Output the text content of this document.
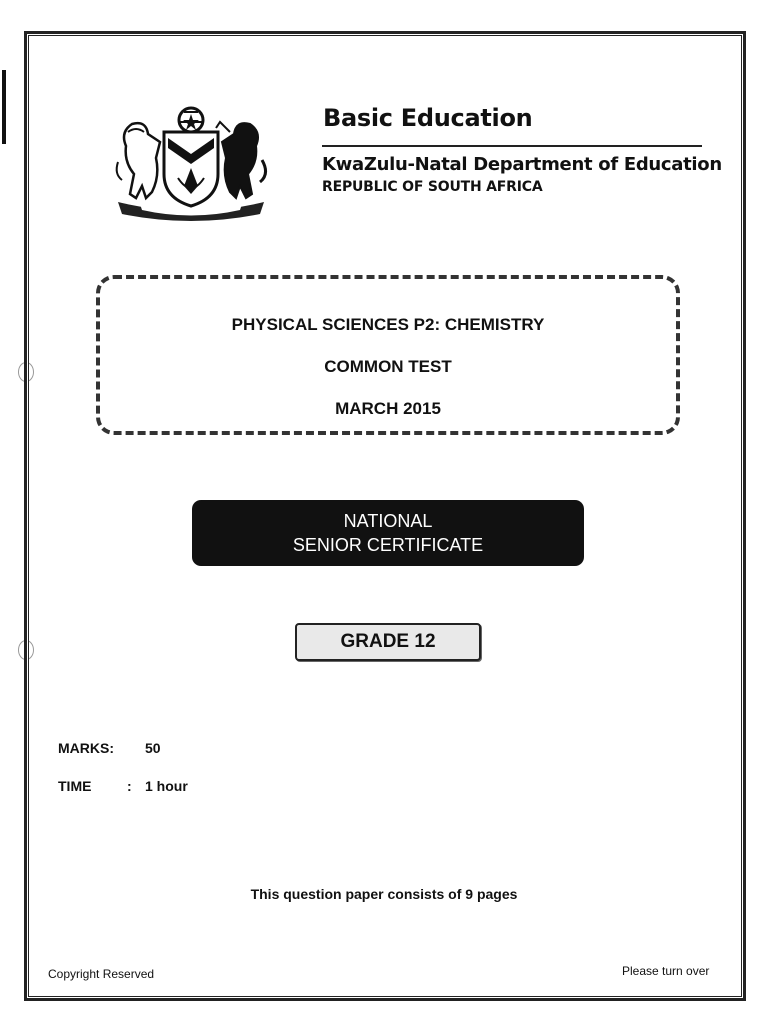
Basic Education
KwaZulu-Natal Department of Education
REPUBLIC OF SOUTH AFRICA
PHYSICAL SCIENCES P2: CHEMISTRY
COMMON TEST
MARCH 2015
NATIONAL
SENIOR CERTIFICATE
GRADE 12
MARKS: 50
TIME	: 1 hour
This question paper consists of 9 pages
Copyright Reserved	Please turn over
